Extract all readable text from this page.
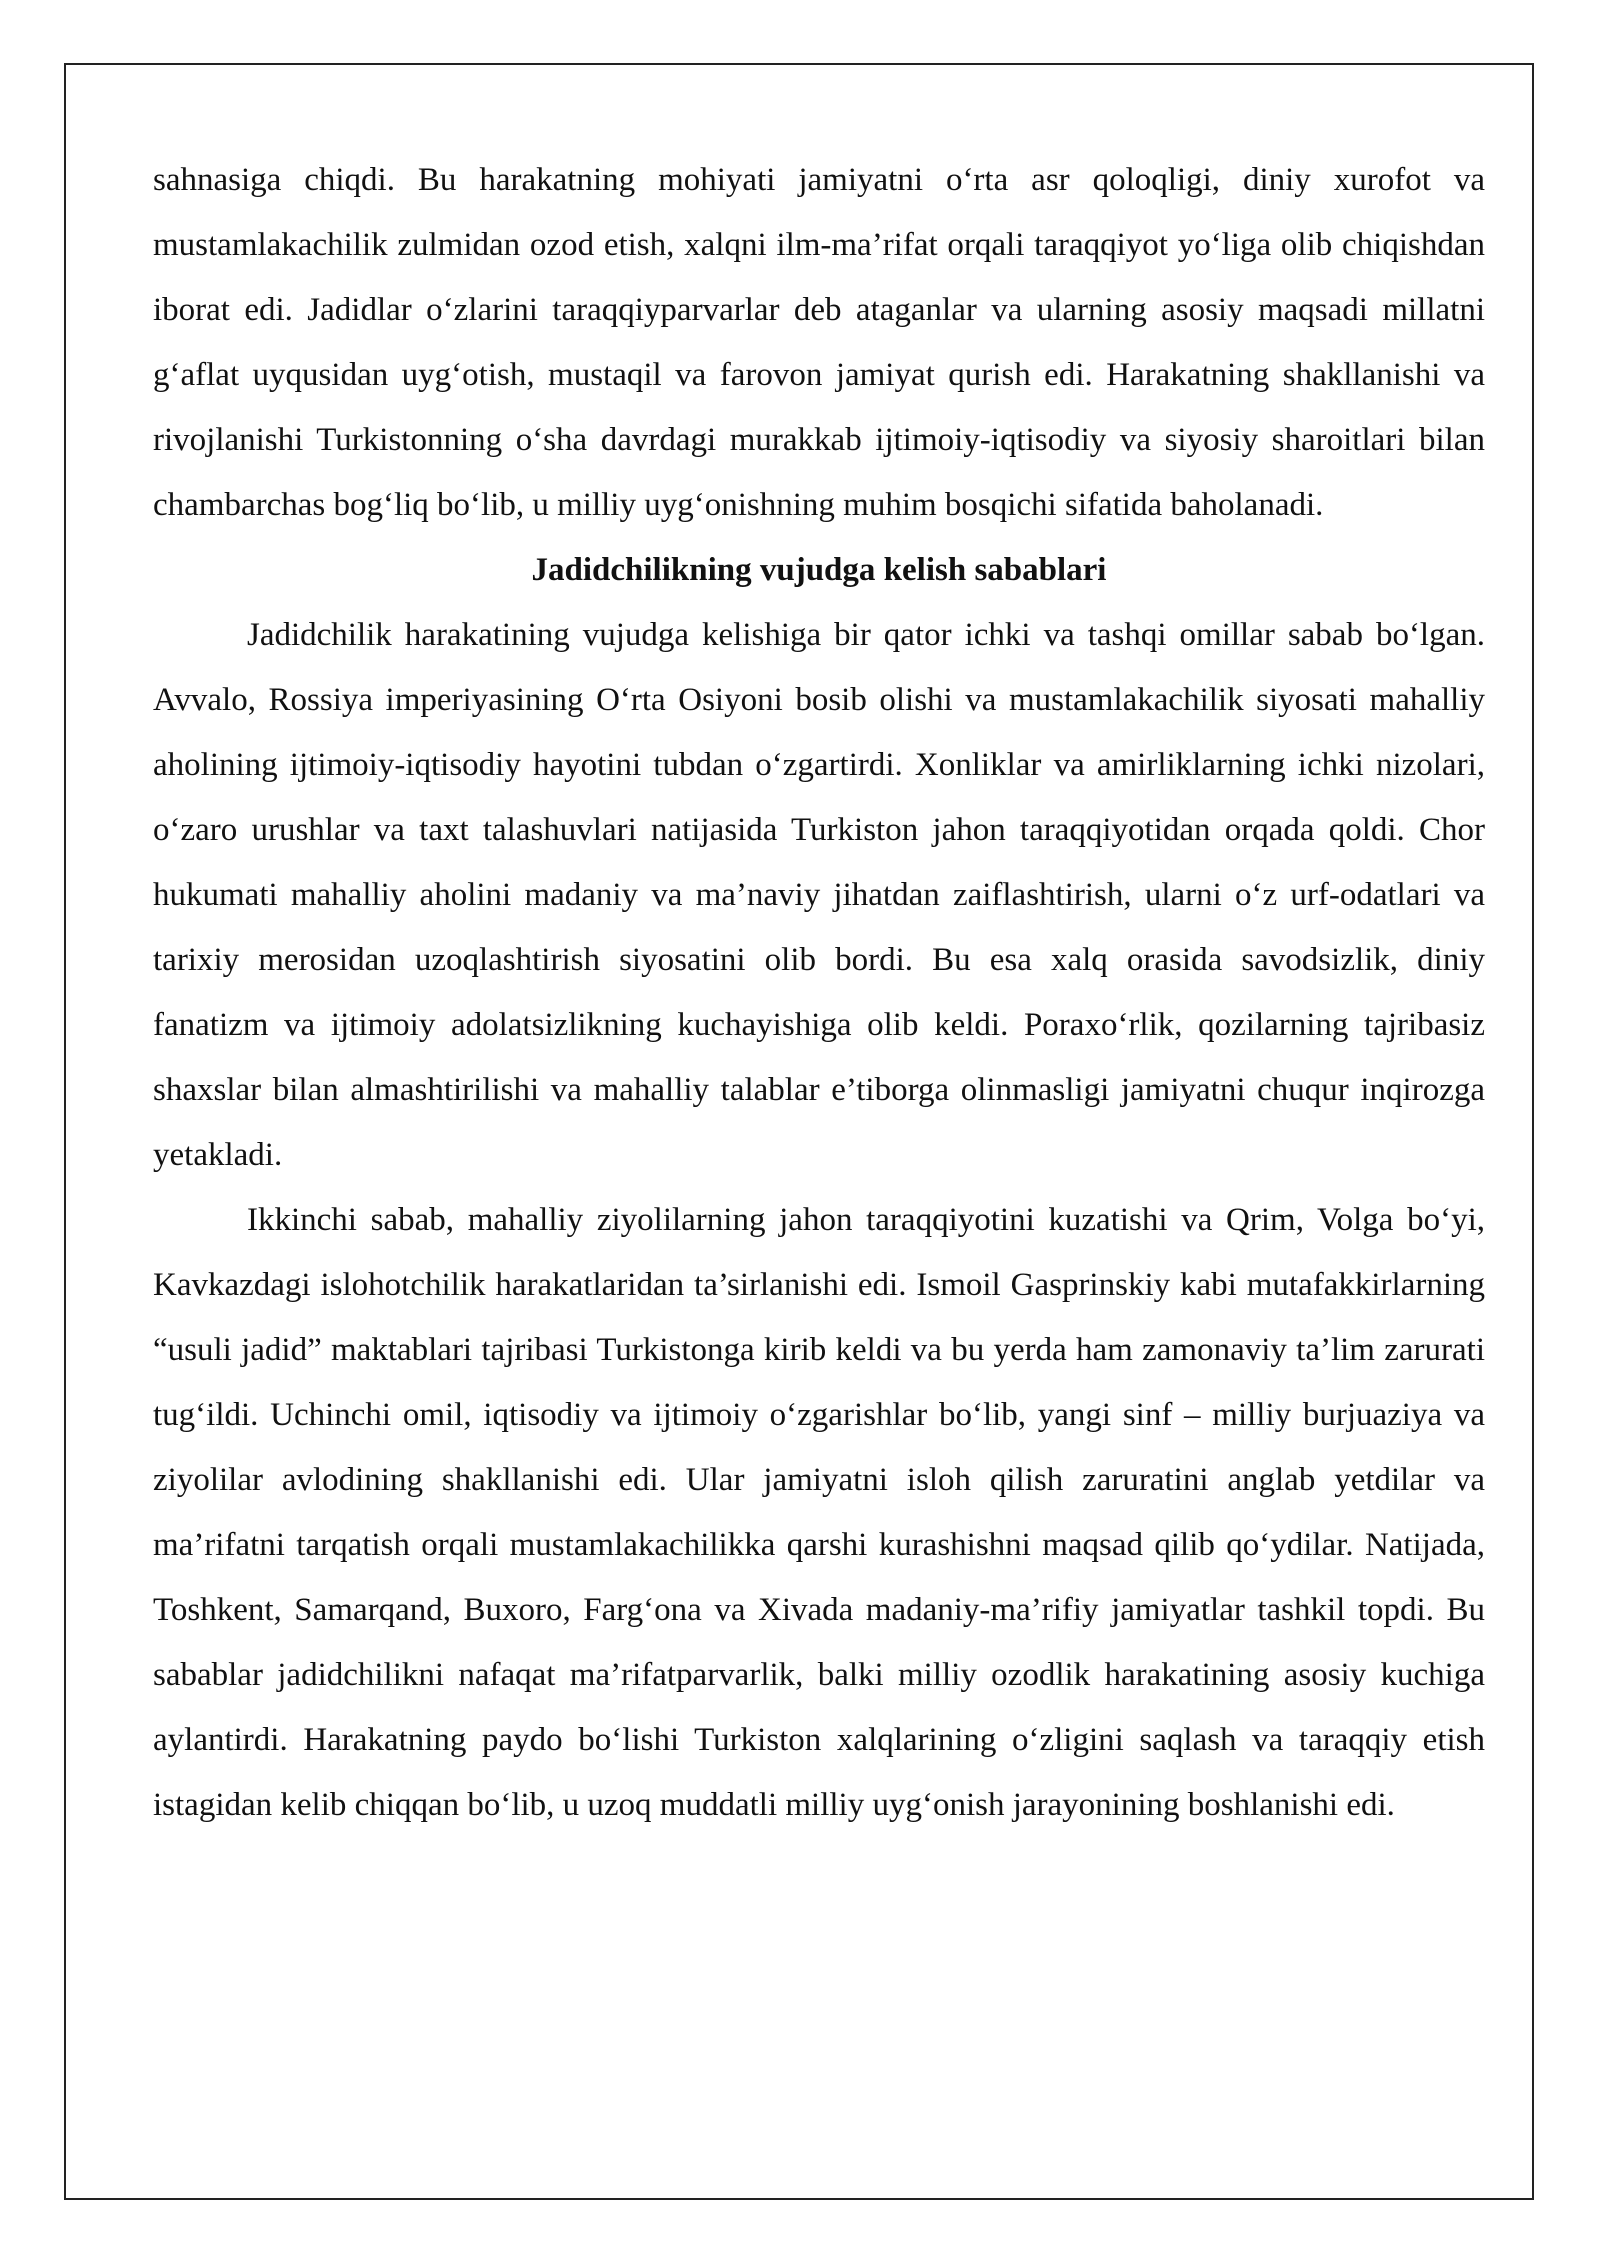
sahnasiga chiqdi. Bu harakatning mohiyati jamiyatni o‘rta asr qoloqligi, diniy xurofot va mustamlakachilik zulmidan ozod etish, xalqni ilm-ma’rifat orqali taraqqiyot yo‘liga olib chiqishdan iborat edi. Jadidlar o‘zlarini taraqqiyparvarlar deb ataganlar va ularning asosiy maqsadi millatni g‘aflat uyqusidan uyg‘otish, mustaqil va farovon jamiyat qurish edi. Harakatning shakllanishi va rivojlanishi Turkistonning o‘sha davrdagi murakkab ijtimoiy-iqtisodiy va siyosiy sharoitlari bilan chambarchas bog‘liq bo‘lib, u milliy uyg‘onishning muhim bosqichi sifatida baholanadi.

Jadidchilikning vujudga kelish sabablari

Jadidchilik harakatining vujudga kelishiga bir qator ichki va tashqi omillar sabab bo‘lgan. Avvalo, Rossiya imperiyasining O‘rta Osiyoni bosib olishi va mustamlakachilik siyosati mahalliy aholining ijtimoiy-iqtisodiy hayotini tubdan o‘zgartirdi. Xonliklar va amirliklarning ichki nizolari, o‘zaro urushlar va taxt talashuvlari natijasida Turkiston jahon taraqqiyotidan orqada qoldi. Chor hukumati mahalliy aholini madaniy va ma’naviy jihatdan zaiflashtirish, ularni o‘z urf-odatlari va tarixiy merosidan uzoqlashtirish siyosatini olib bordi. Bu esa xalq orasida savodsizlik, diniy fanatizm va ijtimoiy adolatsizlikning kuchayishiga olib keldi. Poraxo‘rlik, qozilarning tajribasiz shaxslar bilan almashtirilishi va mahalliy talablar e’tiborga olinmasligi jamiyatni chuqur inqirozga yetakladi.

Ikkinchi sabab, mahalliy ziyolilarning jahon taraqqiyotini kuzatishi va Qrim, Volga bo‘yi, Kavkazdagi islohotchilik harakatlaridan ta’sirlanishi edi. Ismoil Gasprinskiy kabi mutafakkirlarning “usuli jadid” maktablari tajribasi Turkistonga kirib keldi va bu yerda ham zamonaviy ta’lim zarurati tug‘ildi. Uchinchi omil, iqtisodiy va ijtimoiy o‘zgarishlar bo‘lib, yangi sinf – milliy burjuaziya va ziyolilar avlodining shakllanishi edi. Ular jamiyatni isloh qilish zaruratini anglab yetdilar va ma’rifatni tarqatish orqali mustamlakachilikka qarshi kurashishni maqsad qilib qo‘ydilar. Natijada, Toshkent, Samarqand, Buxoro, Farg‘ona va Xivada madaniy-ma’rifiy jamiyatlar tashkil topdi. Bu sabablar jadidchilikni nafaqat ma’rifatparvarlik, balki milliy ozodlik harakatining asosiy kuchiga aylantirdi. Harakatning paydo bo‘lishi Turkiston xalqlarining o‘zligini saqlash va taraqqiy etish istagidan kelib chiqqan bo‘lib, u uzoq muddatli milliy uyg‘onish jarayonining boshlanishi edi.
